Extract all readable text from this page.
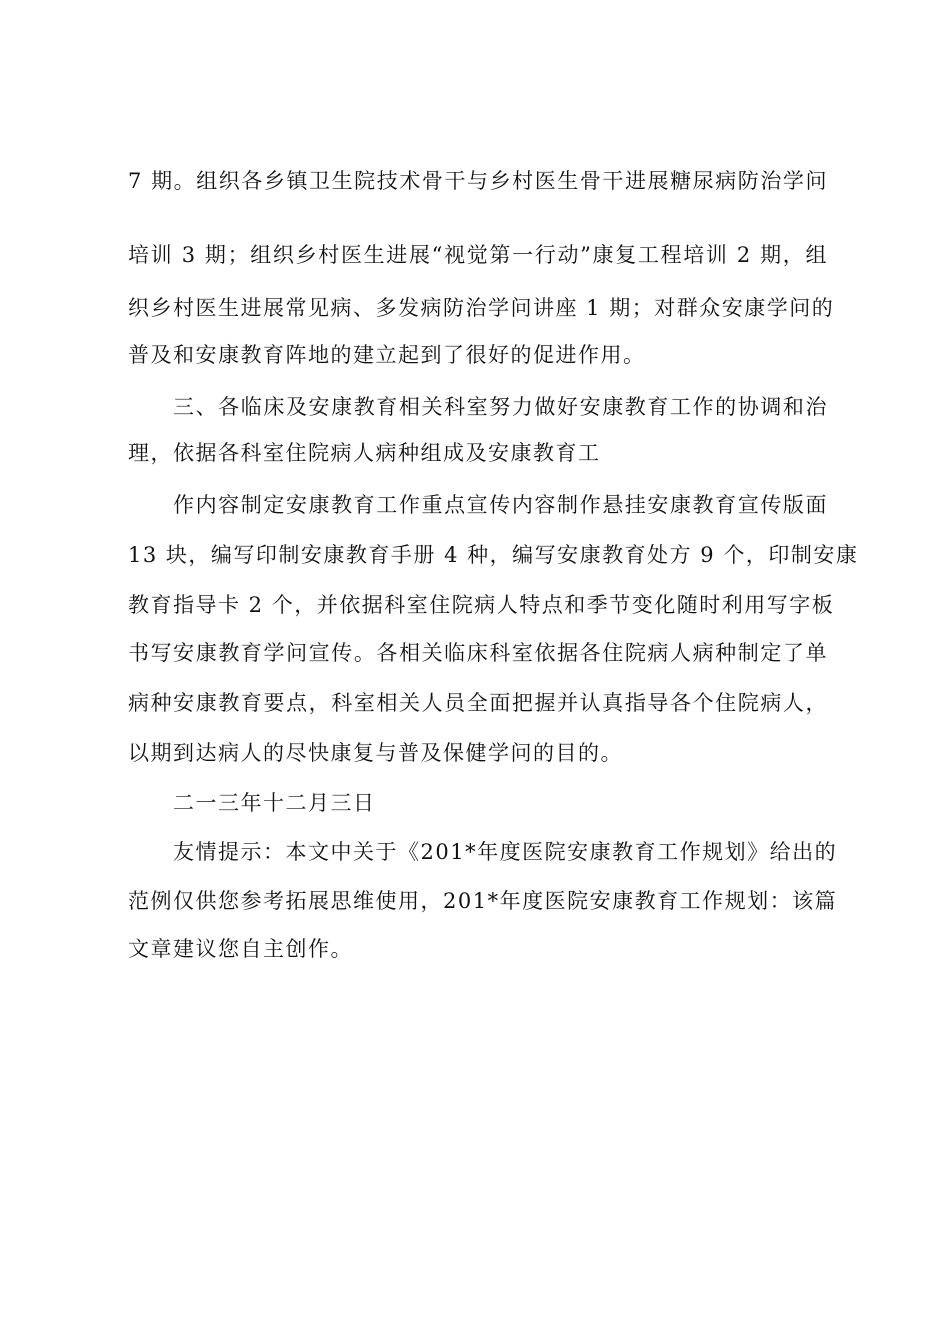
7 期。组织各乡镇卫生院技术骨干与乡村医生骨干进展糖尿病防治学问
培训 3 期；组织乡村医生进展“视觉第一行动”康复工程培训 2 期，组
织乡村医生进展常见病、多发病防治学问讲座 1 期；对群众安康学问的
普及和安康教育阵地的建立起到了很好的促进作用。
三、各临床及安康教育相关科室努力做好安康教育工作的协调和治
理，依据各科室住院病人病种组成及安康教育工
作内容制定安康教育工作重点宣传内容制作悬挂安康教育宣传版面
13 块，编写印制安康教育手册 4 种，编写安康教育处方 9 个，印制安康
教育指导卡 2 个，并依据科室住院病人特点和季节变化随时利用写字板
书写安康教育学问宣传。各相关临床科室依据各住院病人病种制定了单
病种安康教育要点，科室相关人员全面把握并认真指导各个住院病人，
以期到达病人的尽快康复与普及保健学问的目的。
二一三年十二月三日
友情提示：本文中关于《201*年度医院安康教育工作规划》给出的
范例仅供您参考拓展思维使用，201*年度医院安康教育工作规划：该篇
文章建议您自主创作。
